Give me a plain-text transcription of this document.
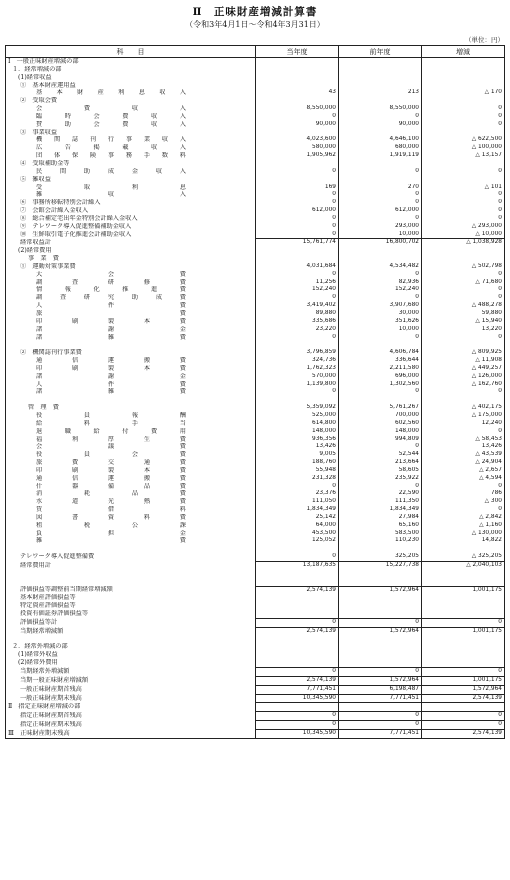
Ⅱ　正味財産増減計算書
（令和3年4月1日～令和4年3月31日）
（単位：円）
科　　目	当年度	前年度	増減
Ⅰ　一般正味財産増減の部			
１．経常増減の部			
(1)経常収益			
①　基本財産運用益			
基本財産利息収入	43	213	△ 170
②　受取会費			
会費収入	8,550,000	8,550,000	0
臨時会費収入	0	0	0
賛助会費収入	90,000	90,000	0
③　事業収益			
機関誌刊行事業収入	4,023,600	4,646,100	△ 622,500
広告掲載収入	580,000	680,000	△ 100,000
団体保険事務手数料	1,905,962	1,919,119	△ 13,157
④　受取補助金等			
民間助成金収入	0	0	0
⑤　雑収益			
受取利息	169	270	△ 101
雑収入	0	0	0
⑥　事務所移転特別会計繰入	0	0	0
⑦　会館会計繰入金収入	612,000	612,000	0
⑧　総合補定宅出年金特別会計繰入金収入	0	0	0
⑨　テレワーク導入促進整備補助金収入	0	293,000	△ 293,000
⑩　生鮮取引電子化推進会計補助金収入	0	10,000	△ 10,000
経常収益計	15,761,774	16,800,702	△ 1,038,928
(2)経常費用			
事　業　費			
①　運動対策事業費	4,031,684	4,534,482	△ 502,798
大会費	0	0	0
調査研修費	11,256	82,936	△ 71,680
情報化推進費	152,240	152,240	0
調査研究助成費	0	0	0
人件費	3,419,402	3,907,680	△ 488,278
旅費	89,880	30,000	59,880
印刷製本費	335,686	351,626	△ 15,940
諸謝金	23,220	10,000	13,220
諸雑費	0	0	0

②　機関誌刊行事業費	3,796,859	4,606,784	△ 809,925
通信運搬費	324,736	336,644	△ 11,908
印刷製本費	1,762,323	2,211,580	△ 449,257
諸謝金	570,000	696,000	△ 126,000
人件費	1,139,800	1,302,560	△ 162,760
諸雑費	0	0	0

管　理　費	5,359,092	5,761,267	△ 402,175
役員報酬	525,000	700,000	△ 175,000
給料手当	614,800	602,560	12,240
退職給付費用	148,000	148,000	0
福利厚生費	936,356	994,809	△ 58,453
会議費	13,426	0	13,426
役員会費	9,005	52,544	△ 43,539
旅費交通費	188,760	213,664	△ 24,904
印刷製本費	55,948	58,605	△ 2,657
通信運搬費	231,328	235,922	△ 4,594
什器備品費	0	0	0
消耗品費	23,376	22,590	786
水道光熱費	111,050	111,350	△ 300
賃借料	1,834,349	1,834,349	0
図書資料費	25,142	27,984	△ 2,842
租税公課	64,000	65,160	△ 1,160
負担金	453,500	583,500	△ 130,000
雑費	125,052	110,230	14,822

テレワーク導入促進整備費	0	325,205	△ 325,205
経常費用計	13,187,635	15,227,738	△ 2,040,103

評価損益等調整前当期経常増減額	2,574,139	1,572,964	1,001,175
基本財産評価損益等			
特定資産評価損益等			
投資有価証券評価損益等			
評価損益等計	0	0	0
当期経常増減額	2,574,139	1,572,964	1,001,175

２．経常外増減の部			
(1)経常外収益			
(2)経常外費用			
当期経常外増減額	0	0	0
当期一般正味財産増減額	2,574,139	1,572,964	1,001,175
一般正味財産期首残高	7,771,451	6,198,487	1,572,964
一般正味財産期末残高	10,345,590	7,771,451	2,574,139
Ⅱ　指定正味財産増減の部			
指定正味財産期首残高	0	0	0
指定正味財産期末残高	0	0	0
Ⅲ　正味財産期末残高	10,345,590	7,771,451	2,574,139
